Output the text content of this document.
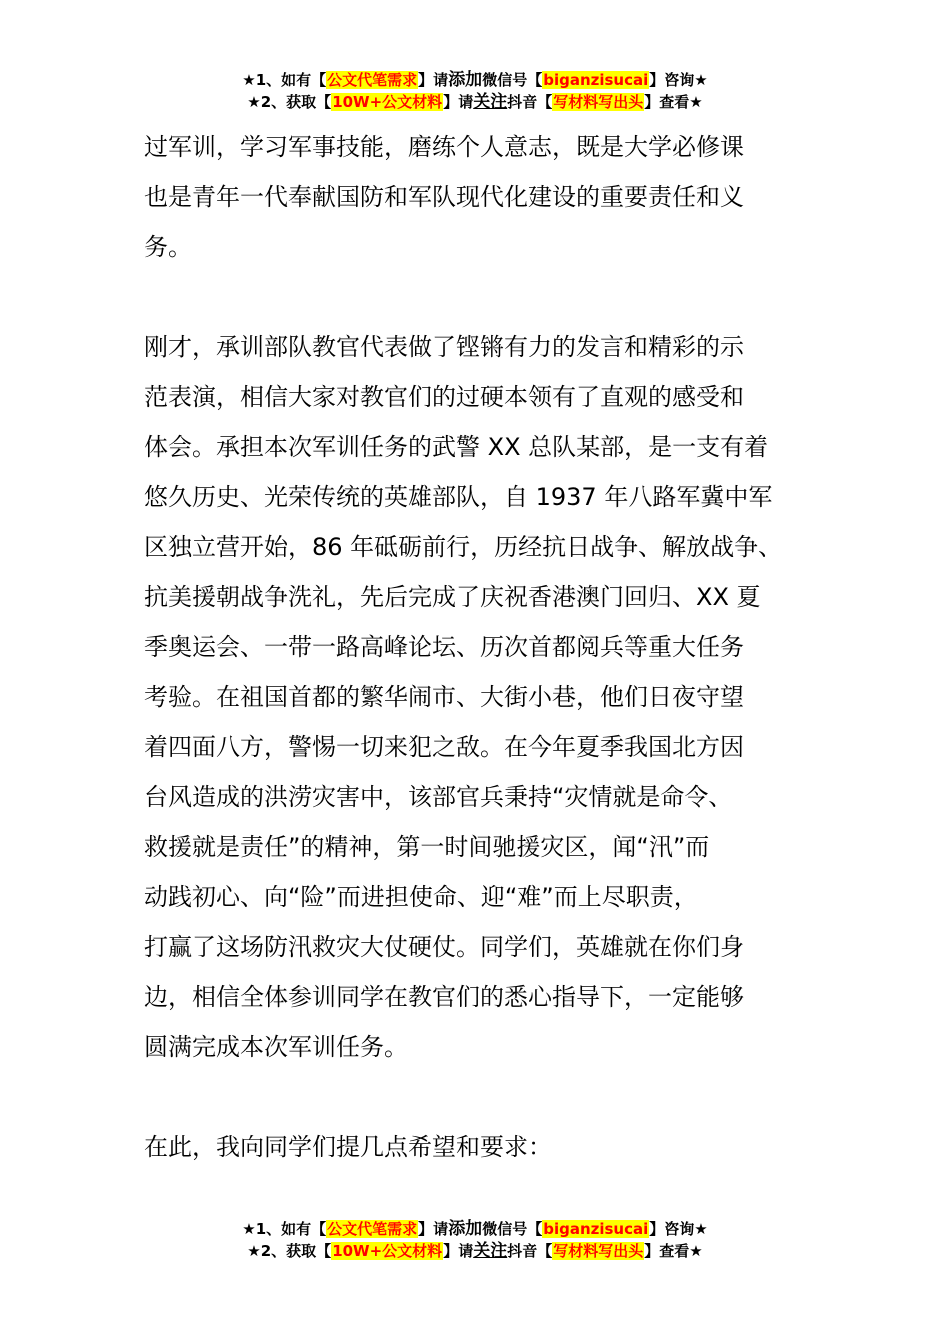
★1、如有【公文代笔需求】请添加微信号【biganzisucai】咨询★
★2、获取【10W+公文材料】请关注抖音【写材料写出头】查看★
过军训，学习军事技能，磨练个人意志，既是大学必修课
也是青年一代奉献国防和军队现代化建设的重要责任和义
务。
刚才，承训部队教官代表做了铿锵有力的发言和精彩的示
范表演，相信大家对教官们的过硬本领有了直观的感受和
体会。承担本次军训任务的武警 XX 总队某部，是一支有着
悠久历史、光荣传统的英雄部队，自 1937 年八路军冀中军
区独立营开始，86 年砥砺前行，历经抗日战争、解放战争、
抗美援朝战争洗礼，先后完成了庆祝香港澳门回归、XX 夏
季奥运会、一带一路高峰论坛、历次首都阅兵等重大任务
考验。在祖国首都的繁华闹市、大街小巷，他们日夜守望
着四面八方，警惕一切来犯之敌。在今年夏季我国北方因
台风造成的洪涝灾害中，该部官兵秉持“灾情就是命令、
救援就是责任”的精神，第一时间驰援灾区，闻“汛”而
动践初心、向“险”而进担使命、迎“难”而上尽职责，
打赢了这场防汛救灾大仗硬仗。同学们，英雄就在你们身
边，相信全体参训同学在教官们的悉心指导下，一定能够
圆满完成本次军训任务。
在此，我向同学们提几点希望和要求：
★1、如有【公文代笔需求】请添加微信号【biganzisucai】咨询★
★2、获取【10W+公文材料】请关注抖音【写材料写出头】查看★
